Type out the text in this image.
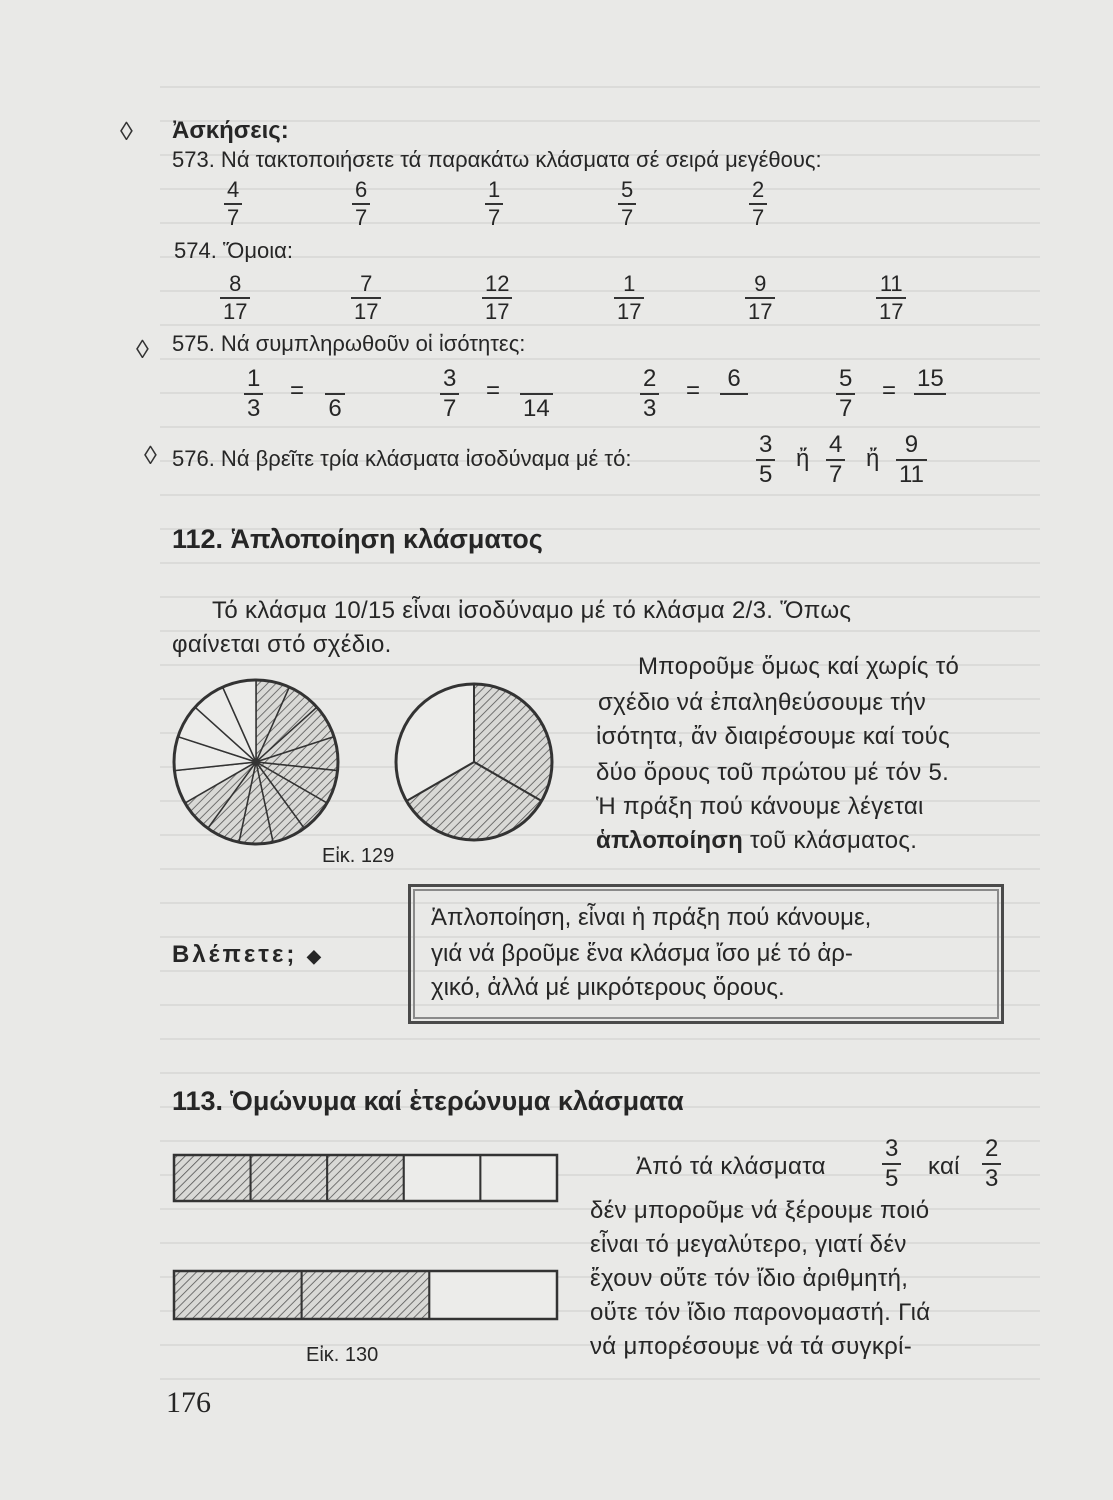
◊
◊
◊
Ἀσκήσεις:
573. Νά τακτοποιήσετε τά παρακάτω κλάσματα σέ σειρά μεγέθους:
$\frac{4}{7}$	$\frac{6}{7}$	$\frac{1}{7}$	$\frac{5}{7}$	$\frac{2}{7}$
574. Ὅμοια:
$\frac{8}{17}$	$\frac{7}{17}$	$\frac{12}{17}$	$\frac{1}{17}$	$\frac{9}{17}$	$\frac{11}{17}$
575. Νά συμπληρωθοῦν οἱ ἰσότητες:
$\frac{1}{3}$ =
6	$\frac{3}{7}$ =
14	$\frac{2}{3} = 6$	$\frac{5}{7} = 15$
576. Νά βρεῖτε τρία κλάσματα ἰσοδύναμα μέ τό:	$\frac{3}{5}$ ἤ $\frac{4}{7}$ ἤ $\frac{9}{11}$
112. Ἁπλοποίηση κλάσματος
Τό κλάσμα 10/15 εἶναι ἰσοδύναμο μέ τό κλάσμα 2/3. Ὅπως
φαίνεται στό σχέδιο.
Μποροῦμε ὅμως καί χωρίς τό
σχέδιο νά ἐπαληθεύσουμε τήν
ἰσότητα, ἄν διαιρέσουμε καί τούς
δύο ὅρους τοῦ πρώτου μέ τόν 5.
Ἡ πράξη πού κάνουμε λέγεται
ἁπλοποίηση τοῦ κλάσματος.
Εἰκ. 129
Βλέπετε; ◆
Ἁπλοποίηση, εἶναι ἡ πράξη πού κάνουμε,
γιά νά βροῦμε ἕνα κλάσμα ἴσο μέ τό ἀρ-
χικό, ἀλλά μέ μικρότερους ὅρους.
113. Ὁμώνυμα καί ἑτερώνυμα κλάσματα
Ἀπό τά κλάσματα $\frac{3}{5}$ καί $\frac{2}{3}$
δέν μποροῦμε νά ξέρουμε ποιό
εἶναι τό μεγαλύτερο, γιατί δέν
ἔχουν οὔτε τόν ἴδιο ἀριθμητή,
οὔτε τόν ἴδιο παρονομαστή. Γιά
νά μπορέσουμε νά τά συγκρί-
Εἰκ. 130
176
